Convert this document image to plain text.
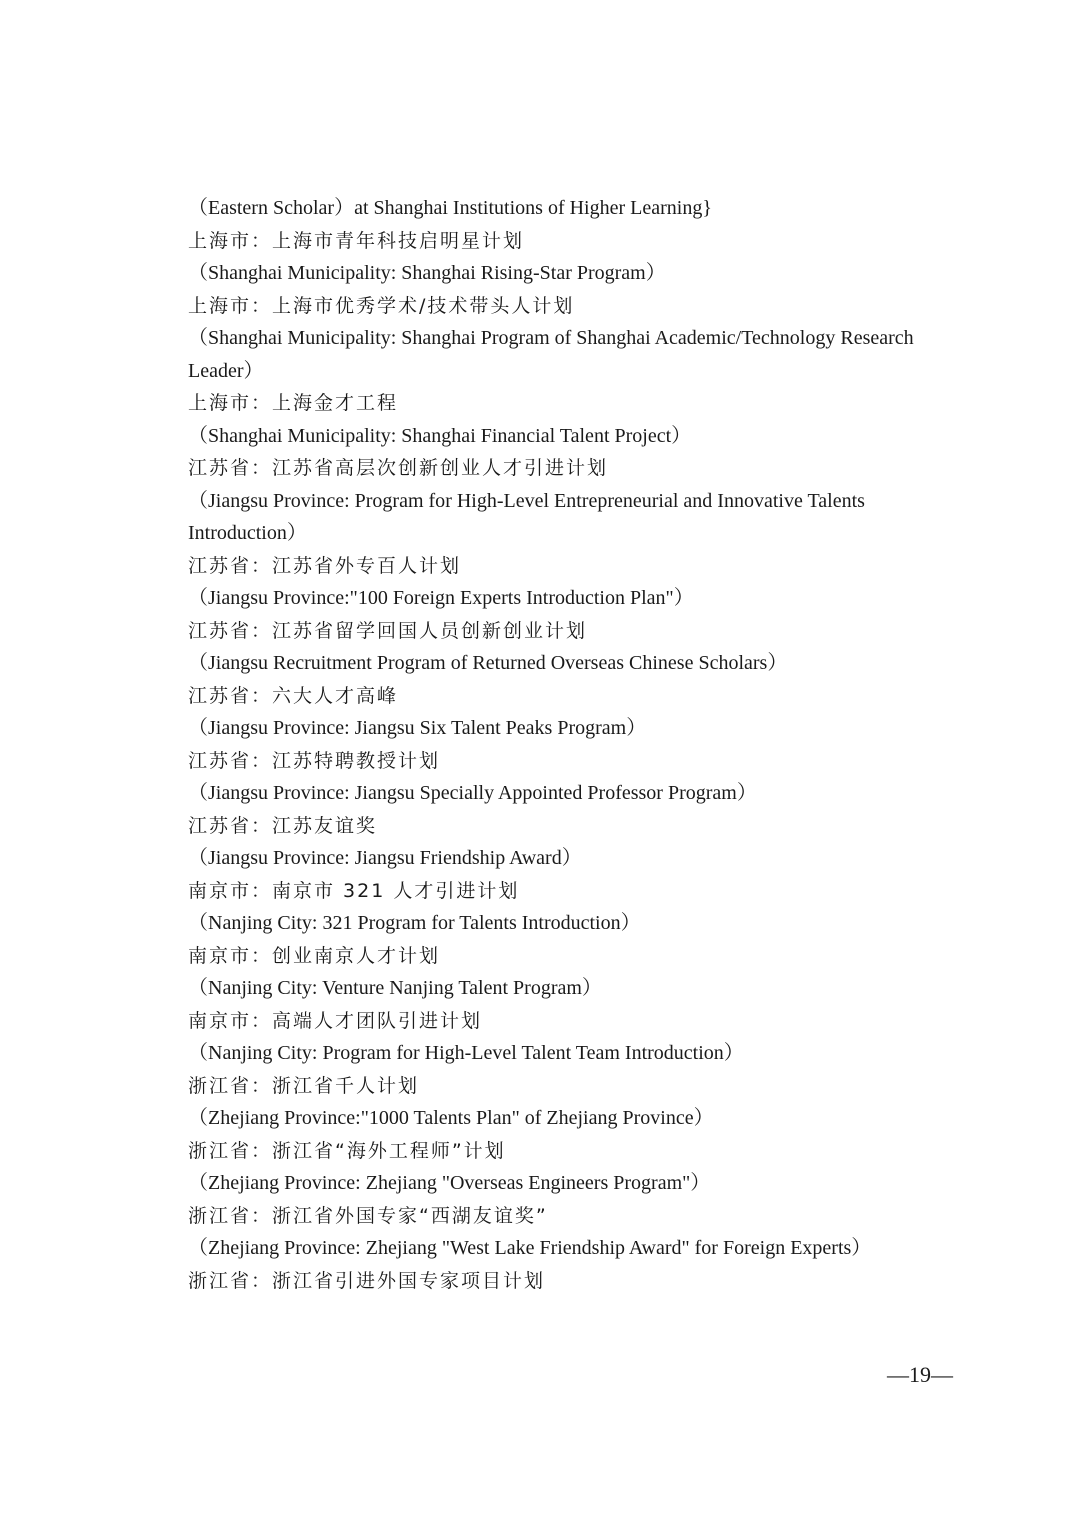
（Eastern Scholar）at Shanghai Institutions of Higher Learning}
上海市：上海市青年科技启明星计划
（Shanghai Municipality: Shanghai Rising-Star Program）
上海市：上海市优秀学术/技术带头人计划
（Shanghai Municipality: Shanghai Program of Shanghai Academic/Technology Research
Leader）
上海市：上海金才工程
（Shanghai Municipality: Shanghai Financial Talent Project）
江苏省：江苏省高层次创新创业人才引进计划
（Jiangsu Province: Program for High-Level Entrepreneurial and Innovative Talents
Introduction）
江苏省：江苏省外专百人计划
（Jiangsu Province:"100 Foreign Experts Introduction Plan"）
江苏省：江苏省留学回国人员创新创业计划
（Jiangsu Recruitment Program of Returned Overseas Chinese Scholars）
江苏省：六大人才高峰
（Jiangsu Province: Jiangsu Six Talent Peaks Program）
江苏省：江苏特聘教授计划
（Jiangsu Province: Jiangsu Specially Appointed Professor Program）
江苏省：江苏友谊奖
（Jiangsu Province: Jiangsu Friendship Award）
南京市：南京市 321 人才引进计划
（Nanjing City: 321 Program for Talents Introduction）
南京市：创业南京人才计划
（Nanjing City: Venture Nanjing Talent Program）
南京市：高端人才团队引进计划
（Nanjing City: Program for High-Level Talent Team Introduction）
浙江省：浙江省千人计划
（Zhejiang Province:"1000 Talents Plan" of Zhejiang Province）
浙江省：浙江省“海外工程师”计划
（Zhejiang Province: Zhejiang "Overseas Engineers Program"）
浙江省：浙江省外国专家“西湖友谊奖”
（Zhejiang Province: Zhejiang "West Lake Friendship Award" for Foreign Experts）
浙江省：浙江省引进外国专家项目计划
—19—
